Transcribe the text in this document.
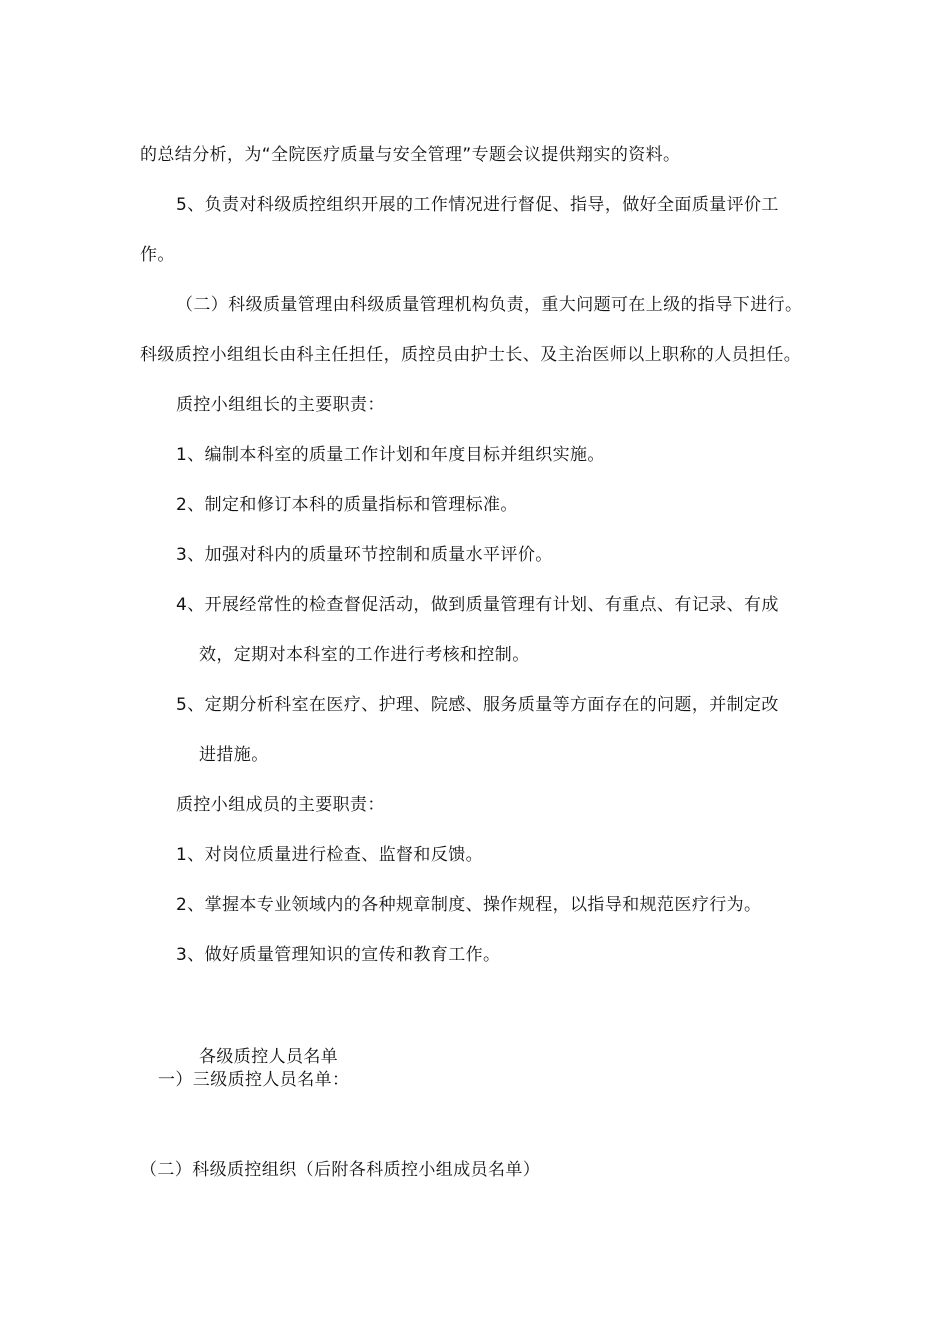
的总结分析，为“全院医疗质量与安全管理”专题会议提供翔实的资料。
5、负责对科级质控组织开展的工作情况进行督促、指导，做好全面质量评价工
作。
（二）科级质量管理由科级质量管理机构负责，重大问题可在上级的指导下进行。
科级质控小组组长由科主任担任，质控员由护士长、及主治医师以上职称的人员担任。
质控小组组长的主要职责：
1、编制本科室的质量工作计划和年度目标并组织实施。
2、制定和修订本科的质量指标和管理标准。
3、加强对科内的质量环节控制和质量水平评价。
4、开展经常性的检查督促活动，做到质量管理有计划、有重点、有记录、有成
效，定期对本科室的工作进行考核和控制。
5、定期分析科室在医疗、护理、院感、服务质量等方面存在的问题，并制定改
进措施。
质控小组成员的主要职责：
1、对岗位质量进行检查、监督和反馈。
2、掌握本专业领域内的各种规章制度、操作规程，以指导和规范医疗行为。
3、做好质量管理知识的宣传和教育工作。
各级质控人员名单
一）三级质控人员名单：
（二）科级质控组织（后附各科质控小组成员名单）
